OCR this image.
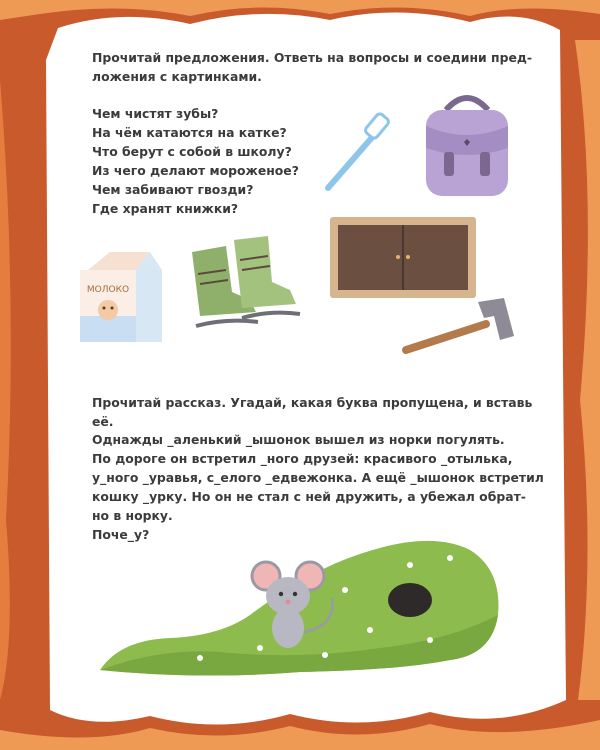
Прочитай предложения. Ответь на вопросы и соедини пред-
ложения с картинками.
Чем чистят зубы?
На чём катаются на катке?
Что берут с собой в школу?
Из чего делают мороженое?
Чем забивают гвозди?
Где хранят книжки?
МОЛОКО
Прочитай рассказ. Угадай, какая буква пропущена, и вставь её.
Однажды _аленький _ышонок вышел из норки погулять.
По дороге он встретил _ного друзей: красивого _отылька,
у_ного _уравья, с_елого _едвежонка. А ещё _ышонок встретил
кошку _урку. Но он не стал с ней дружить, а убежал обрат-
но в норку.
Поче_у?
